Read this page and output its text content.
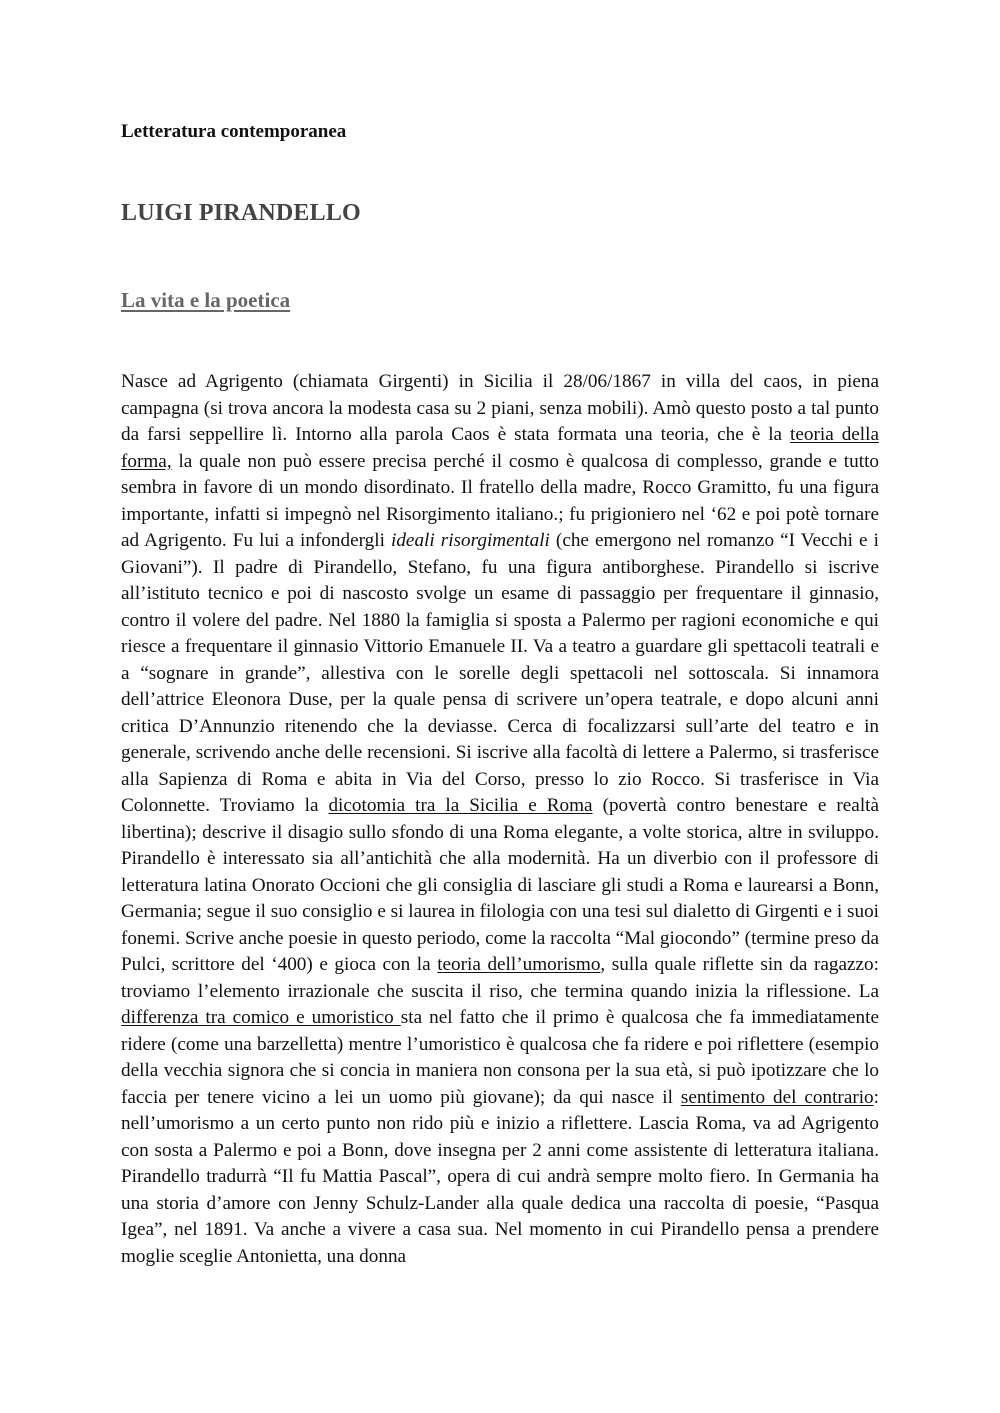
Letteratura contemporanea
LUIGI PIRANDELLO
La vita e la poetica

Nasce ad Agrigento (chiamata Girgenti) in Sicilia il 28/06/1867 in villa del caos, in piena campagna (si trova ancora la modesta casa su 2 piani, senza mobili). Amò questo posto a tal punto da farsi seppellire lì. Intorno alla parola Caos è stata formata una teoria, che è la teoria della forma, la quale non può essere precisa perché il cosmo è qualcosa di complesso, grande e tutto sembra in favore di un mondo disordinato. Il fratello della madre, Rocco Gramitto, fu una figura importante, infatti si impegnò nel Risorgimento italiano.; fu prigioniero nel ‘62 e poi potè tornare ad Agrigento. Fu lui a infondergli ideali risorgimentali (che emergono nel romanzo “I Vecchi e i Giovani”). Il padre di Pirandello, Stefano, fu una figura antiborghese. Pirandello si iscrive all’istituto tecnico e poi di nascosto svolge un esame di passaggio per frequentare il ginnasio, contro il volere del padre. Nel 1880 la famiglia si sposta a Palermo per ragioni economiche e qui riesce a frequentare il ginnasio Vittorio Emanuele II. Va a teatro a guardare gli spettacoli teatrali e a “sognare in grande”, allestiva con le sorelle degli spettacoli nel sottoscala. Si innamora dell’attrice Eleonora Duse, per la quale pensa di scrivere un’opera teatrale, e dopo alcuni anni critica D’Annunzio ritenendo che la deviasse. Cerca di focalizzarsi sull’arte del teatro e in generale, scrivendo anche delle recensioni. Si iscrive alla facoltà di lettere a Palermo, si trasferisce alla Sapienza di Roma e abita in Via del Corso, presso lo zio Rocco. Si trasferisce in Via Colonnette. Troviamo la dicotomia tra la Sicilia e Roma (povertà contro benestare e realtà libertina); descrive il disagio sullo sfondo di una Roma elegante, a volte storica, altre in sviluppo. Pirandello è interessato sia all’antichità che alla modernità. Ha un diverbio con il professore di letteratura latina Onorato Occioni che gli consiglia di lasciare gli studi a Roma e laurearsi a Bonn, Germania; segue il suo consiglio e si laurea in filologia con una tesi sul dialetto di Girgenti e i suoi fonemi. Scrive anche poesie in questo periodo, come la raccolta “Mal giocondo” (termine preso da Pulci, scrittore del ‘400) e gioca con la teoria dell’umorismo, sulla quale riflette sin da ragazzo: troviamo l’elemento irrazionale che suscita il riso, che termina quando inizia la riflessione. La differenza tra comico e umoristico sta nel fatto che il primo è qualcosa che fa immediatamente ridere (come una barzelletta) mentre l’umoristico è qualcosa che fa ridere e poi riflettere (esempio della vecchia signora che si concia in maniera non consona per la sua età, si può ipotizzare che lo faccia per tenere vicino a lei un uomo più giovane); da qui nasce il sentimento del contrario: nell’umorismo a un certo punto non rido più e inizio a riflettere. Lascia Roma, va ad Agrigento con sosta a Palermo e poi a Bonn, dove insegna per 2 anni come assistente di letteratura italiana. Pirandello tradurrà “Il fu Mattia Pascal”, opera di cui andrà sempre molto fiero. In Germania ha una storia d’amore con Jenny Schulz-Lander alla quale dedica una raccolta di poesie, “Pasqua Igea”, nel 1891. Va anche a vivere a casa sua. Nel momento in cui Pirandello pensa a prendere moglie sceglie Antonietta, una donna
